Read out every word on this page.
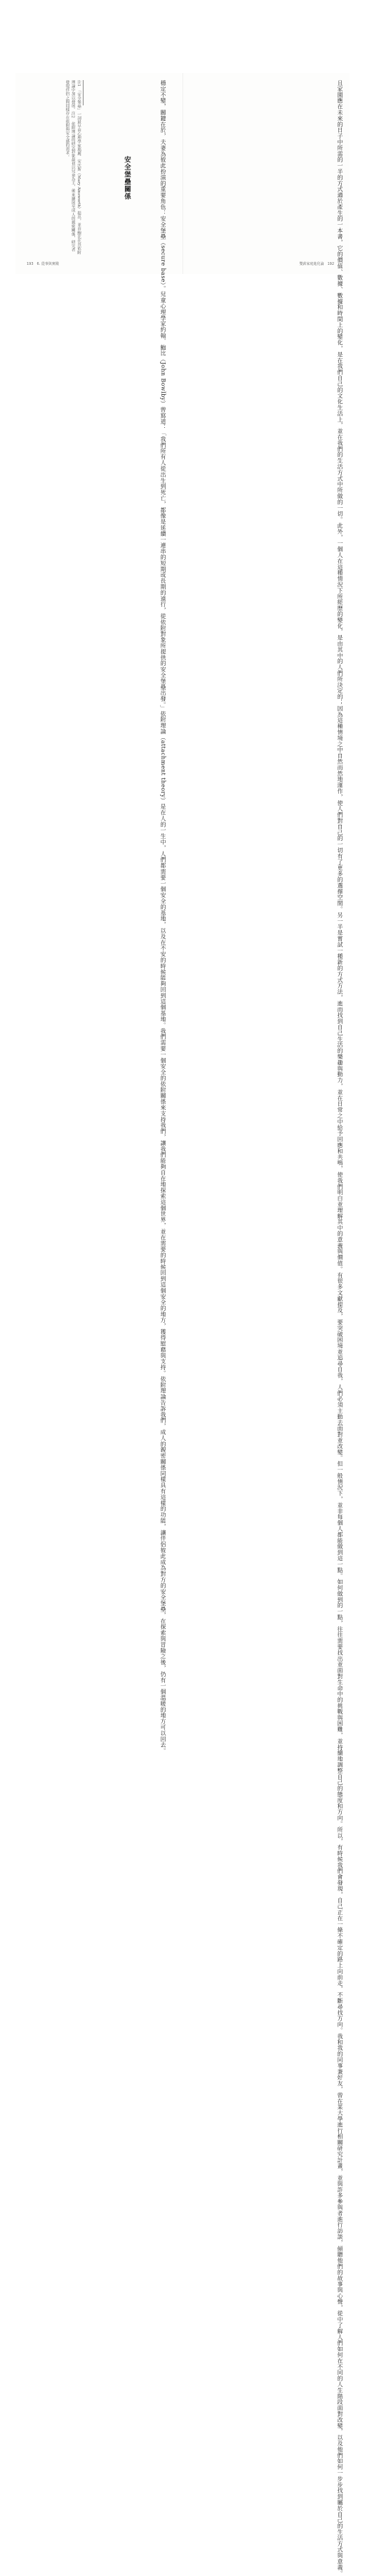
且家園應在未來的日子中所需的一半的方式適於產生的一本書，它的價值、數據、數據和時間上的變化，是在我們自己的文化生活上，並在我們的生活方式中所做的一切。此外，一個人在這種情況下所經歷的變化，是由其中的人們所決定的；因為這種情境之中自然而然地運作，使人們對自己的一切有了更多的選擇空間。另一半是嘗試一種新的方式方法，進而找到自己生活的樂趣與動力，並在日常之中給予回應和共鳴，使我們明白並理解其中的意義與價值。有很多文獻提及，要突破困境並追尋自我，人們必須主動去面對並改變。但一般情況下，並非每個人都能做到這一點。如何做到的一點，往往需要找出並面對生命中的挑戰與困難，並持續地調整自己的態度和方向。所以，有時候我們會發現，自己正在一條不確定的路上向前走，不斷尋找方向。我和我的同事兼好友，曾在某大學進行相關研究計畫，並與許多參與者進行訪談，傾聽他們的故事與心聲，從中了解人們如何在不同的人生階段面對改變，以及他們如何一步步找到屬於自己的生活方式與意義。
穩定不變，關鍵在於，夫妻為彼此扮演的重要角色：安全堡壘（secure base）。兒童心理學家約翰．鮑比（John Bowlby）曾寫道：「我們所有人從出生到死亡，都像是延續一連串的短期或長期的遠行，從依附對象所提供的安全堡壘出發。」依附理論（attachment theory）是在人的一生中，人們都需要一個安全的基地，以及在不安的時候能夠回到這個基地。我們需要一個安全的依附關係來支持我們，讓我們能夠自在地探索這個世界，並在需要的時候回到這個安全的地方，獲得慰藉與支持。依附理論告訴我們，成人的親密關係同樣具有這樣的功能，讓伴侶彼此成為對方的安全堡壘，在探索與冒險之後，仍有一個溫暖的地方可以回去。
安全堡壘關係
注1　「安全堡壘」一詞最早由心理學家瑪麗．安沃斯（Mary Ainsworth）提出，並由鮑比在其依附理論中加以發展。注2　依附理論的研究對象最初以兒童為主，後來擴展至成人的親密關係，研究者發現伴侶之間同樣存在依附與安全感的需求。
193　6. 從事與實踐	雙薪家庭進化論　192
